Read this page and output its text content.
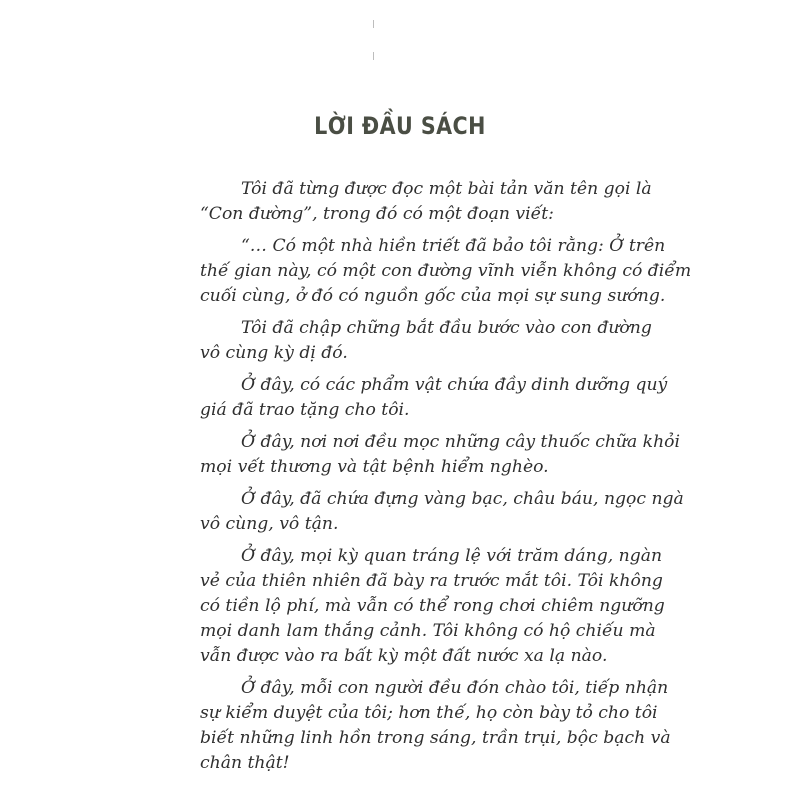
LỜI ĐẦU SÁCH
Tôi đã từng được đọc một bài tản văn tên gọi là
“Con đường”, trong đó có một đoạn viết:
“… Có một nhà hiền triết đã bảo tôi rằng: Ở trên
thế gian này, có một con đường vĩnh viễn không có điểm
cuối cùng, ở đó có nguồn gốc của mọi sự sung sướng.
Tôi đã chập chững bắt đầu bước vào con đường
vô cùng kỳ dị đó.
Ở đây, có các phẩm vật chứa đầy dinh dưỡng quý
giá đã trao tặng cho tôi.
Ở đây, nơi nơi đều mọc những cây thuốc chữa khỏi
mọi vết thương và tật bệnh hiểm nghèo.
Ở đây, đã chứa đựng vàng bạc, châu báu, ngọc ngà
vô cùng, vô tận.
Ở đây, mọi kỳ quan tráng lệ với trăm dáng, ngàn
vẻ của thiên nhiên đã bày ra trước mắt tôi. Tôi không
có tiền lộ phí, mà vẫn có thể rong chơi chiêm ngưỡng
mọi danh lam thắng cảnh. Tôi không có hộ chiếu mà
vẫn được vào ra bất kỳ một đất nước xa lạ nào.
Ở đây, mỗi con người đều đón chào tôi, tiếp nhận
sự kiểm duyệt của tôi; hơn thế, họ còn bày tỏ cho tôi
biết những linh hồn trong sáng, trần trụi, bộc bạch và
chân thật!
